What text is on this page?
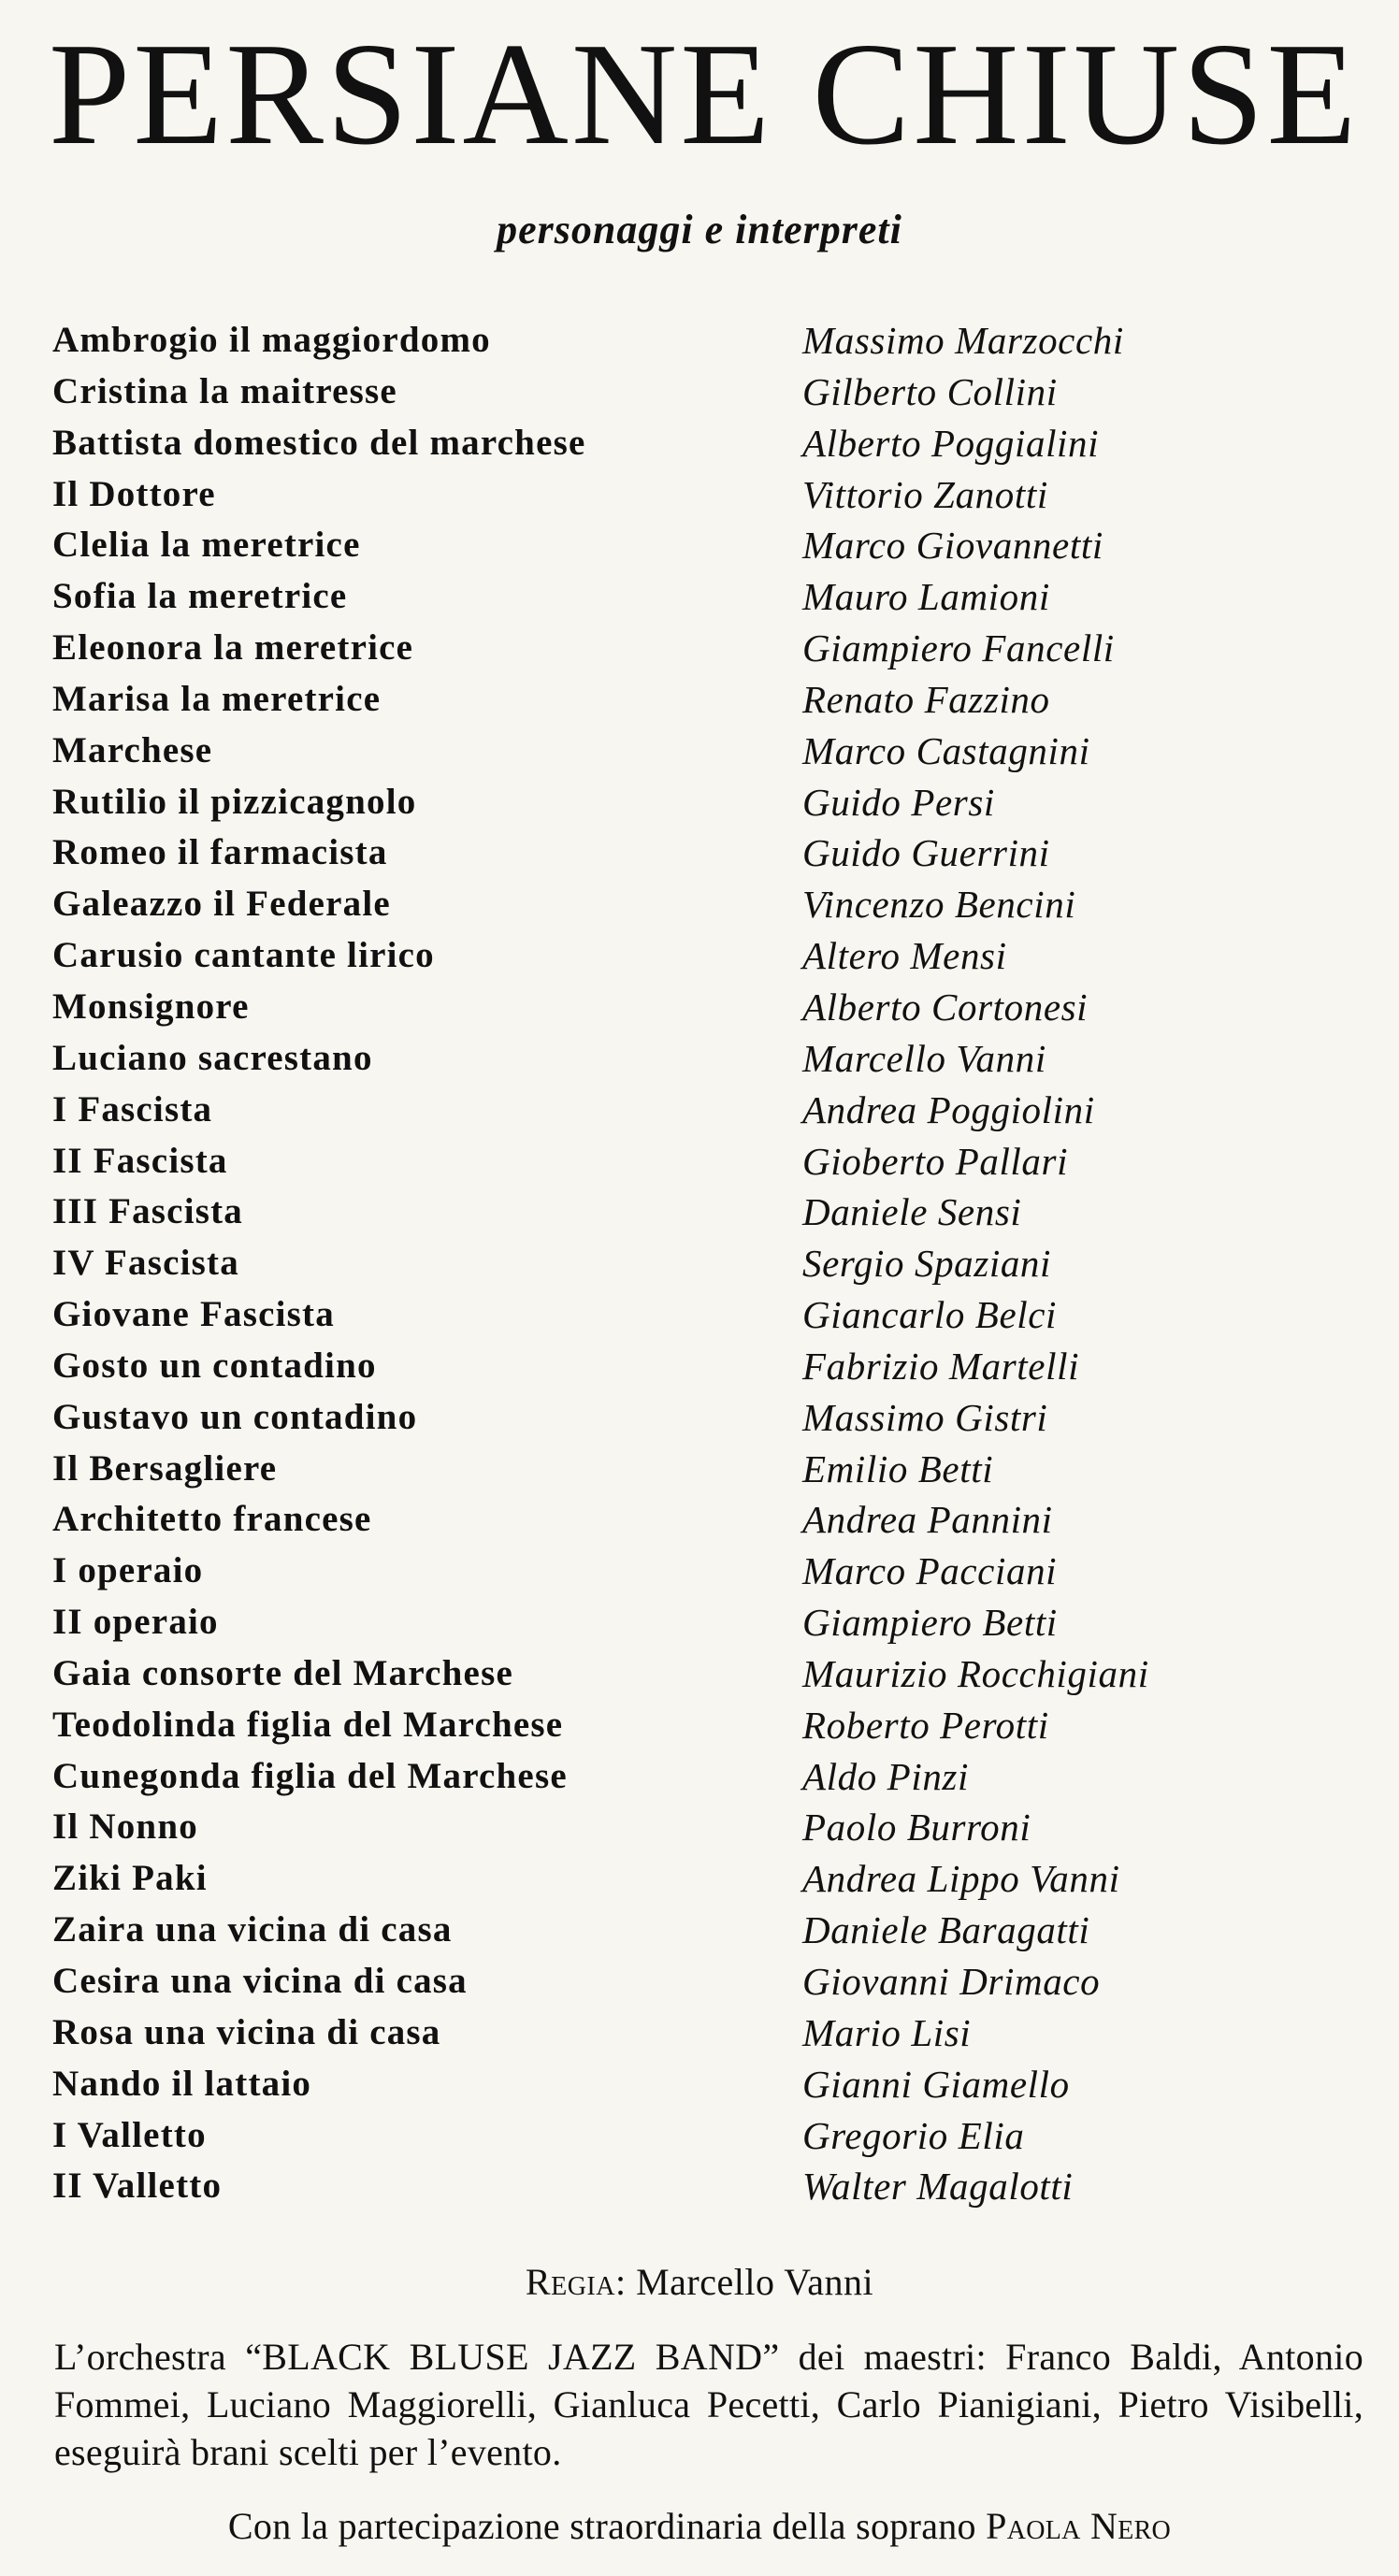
PERSIANE CHIUSE
personaggi e interpreti
Ambrogio il maggiordomo	Massimo Marzocchi
Cristina la maitresse	Gilberto Collini
Battista domestico del marchese	Alberto Poggialini
Il Dottore	Vittorio Zanotti
Clelia la meretrice	Marco Giovannetti
Sofia la meretrice	Mauro Lamioni
Eleonora la meretrice	Giampiero Fancelli
Marisa la meretrice	Renato Fazzino
Marchese	Marco Castagnini
Rutilio il pizzicagnolo	Guido Persi
Romeo il farmacista	Guido Guerrini
Galeazzo il Federale	Vincenzo Bencini
Carusio cantante lirico	Altero Mensi
Monsignore	Alberto Cortonesi
Luciano sacrestano	Marcello Vanni
I Fascista	Andrea Poggiolini
II Fascista	Gioberto Pallari
III Fascista	Daniele Sensi
IV Fascista	Sergio Spaziani
Giovane Fascista	Giancarlo Belci
Gosto un contadino	Fabrizio Martelli
Gustavo un contadino	Massimo Gistri
Il Bersagliere	Emilio Betti
Architetto francese	Andrea Pannini
I operaio	Marco Pacciani
II operaio	Giampiero Betti
Gaia consorte del Marchese	Maurizio Rocchigiani
Teodolinda figlia del Marchese	Roberto Perotti
Cunegonda figlia del Marchese	Aldo Pinzi
Il Nonno	Paolo Burroni
Ziki Paki	Andrea Lippo Vanni
Zaira una vicina di casa	Daniele Baragatti
Cesira una vicina di casa	Giovanni Drimaco
Rosa una vicina di casa	Mario Lisi
Nando il lattaio	Gianni Giamello
I Valletto	Gregorio Elia
II Valletto	Walter Magalotti
Regia: Marcello Vanni

L’orchestra “BLACK BLUSE JAZZ BAND” dei maestri: Franco Baldi, Antonio Fommei, Luciano Maggiorelli, Gianluca Pecetti, Carlo Pianigiani, Pietro Visibelli, eseguirà brani scelti per l’evento.

Con la partecipazione straordinaria della soprano Paola Nero
